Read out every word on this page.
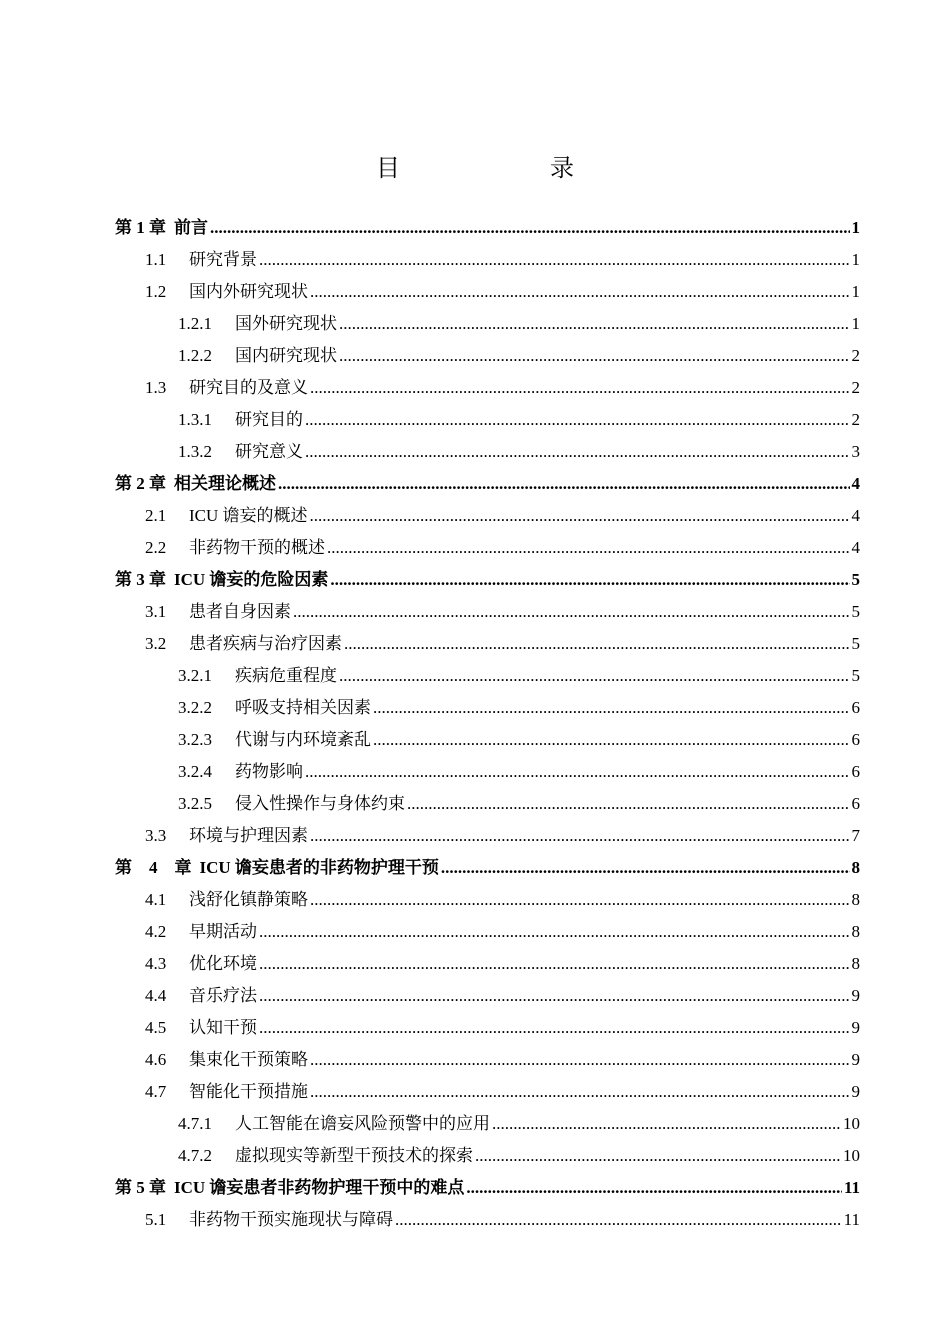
目　　录
第 1 章 前言 .....	1
1.1	研究背景 .....	1
1.2	国内外研究现状 .....	1
1.2.1	国外研究现状 .....	1
1.2.2	国内研究现状 .....	2
1.3	研究目的及意义 .....	2
1.3.1	研究目的 .....	2
1.3.2	研究意义 .....	3
第 2 章 相关理论概述 .....	4
2.1	ICU 谵妄的概述 .....	4
2.2	非药物干预的概述 .....	4
第 3 章 ICU 谵妄的危险因素 .....	5
3.1	患者自身因素 .....	5
3.2	患者疾病与治疗因素 .....	5
3.2.1	疾病危重程度 .....	5
3.2.2	呼吸支持相关因素 .....	6
3.2.3	代谢与内环境紊乱 .....	6
3.2.4	药物影响 .....	6
3.2.5	侵入性操作与身体约束 .....	6
3.3	环境与护理因素 .....	7
第　4　章 ICU 谵妄患者的非药物护理干预 .....	8
4.1	浅舒化镇静策略 .....	8
4.2	早期活动 .....	8
4.3	优化环境 .....	8
4.4	音乐疗法 .....	9
4.5	认知干预 .....	9
4.6	集束化干预策略 .....	9
4.7	智能化干预措施 .....	9
4.7.1	人工智能在谵妄风险预警中的应用 .....	10
4.7.2	虚拟现实等新型干预技术的探索 .....	10
第 5 章 ICU 谵妄患者非药物护理干预中的难点 .....	11
5.1	非药物干预实施现状与障碍 .....	11
